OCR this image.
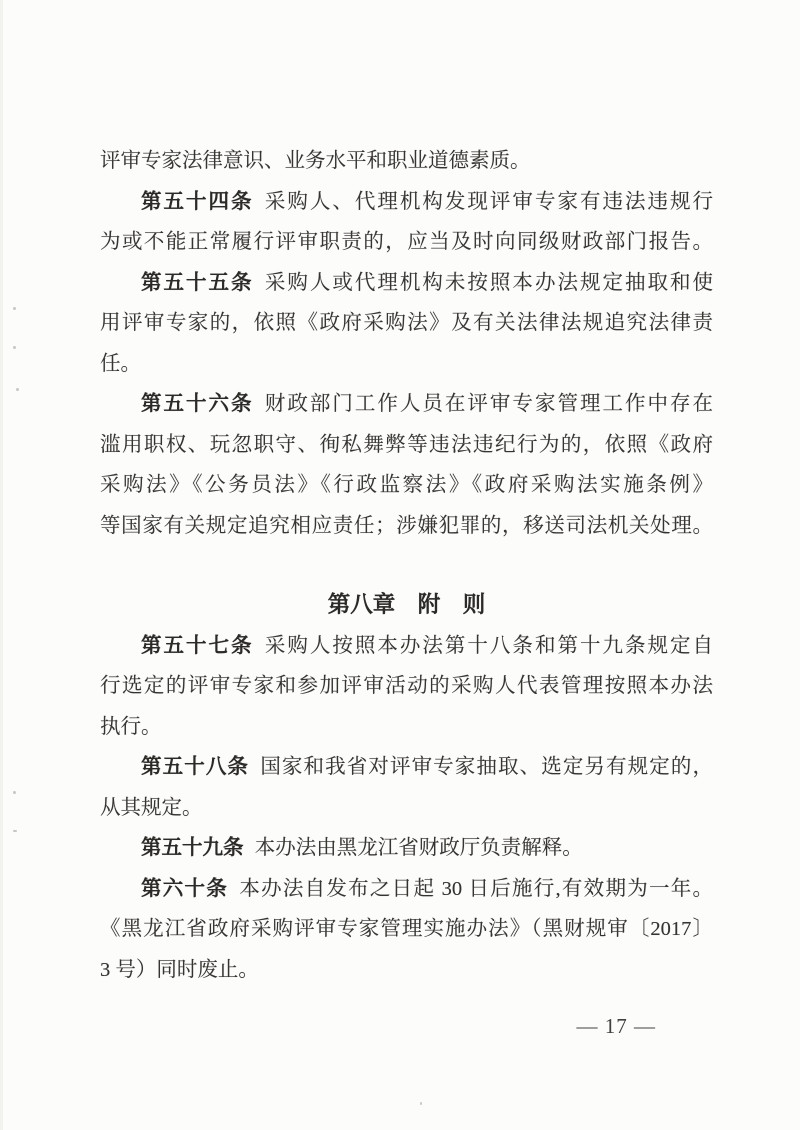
评审专家法律意识、业务水平和职业道德素质。

第五十四条 采购人、代理机构发现评审专家有违法违规行
为或不能正常履行评审职责的，应当及时向同级财政部门报告。

第五十五条 采购人或代理机构未按照本办法规定抽取和使
用评审专家的，依照《政府采购法》及有关法律法规追究法律责
任。

第五十六条 财政部门工作人员在评审专家管理工作中存在
滥用职权、玩忽职守、徇私舞弊等违法违纪行为的，依照《政府
采购法》《公务员法》《行政监察法》《政府采购法实施条例》
等国家有关规定追究相应责任；涉嫌犯罪的，移送司法机关处理。

第八章　附　则

第五十七条 采购人按照本办法第十八条和第十九条规定自
行选定的评审专家和参加评审活动的采购人代表管理按照本办法
执行。

第五十八条 国家和我省对评审专家抽取、选定另有规定的，
从其规定。

第五十九条 本办法由黑龙江省财政厅负责解释。

第六十条 本办法自发布之日起 30 日后施行,有效期为一年。
《黑龙江省政府采购评审专家管理实施办法》（黑财规审〔2017〕
3 号）同时废止。

— 17 —
